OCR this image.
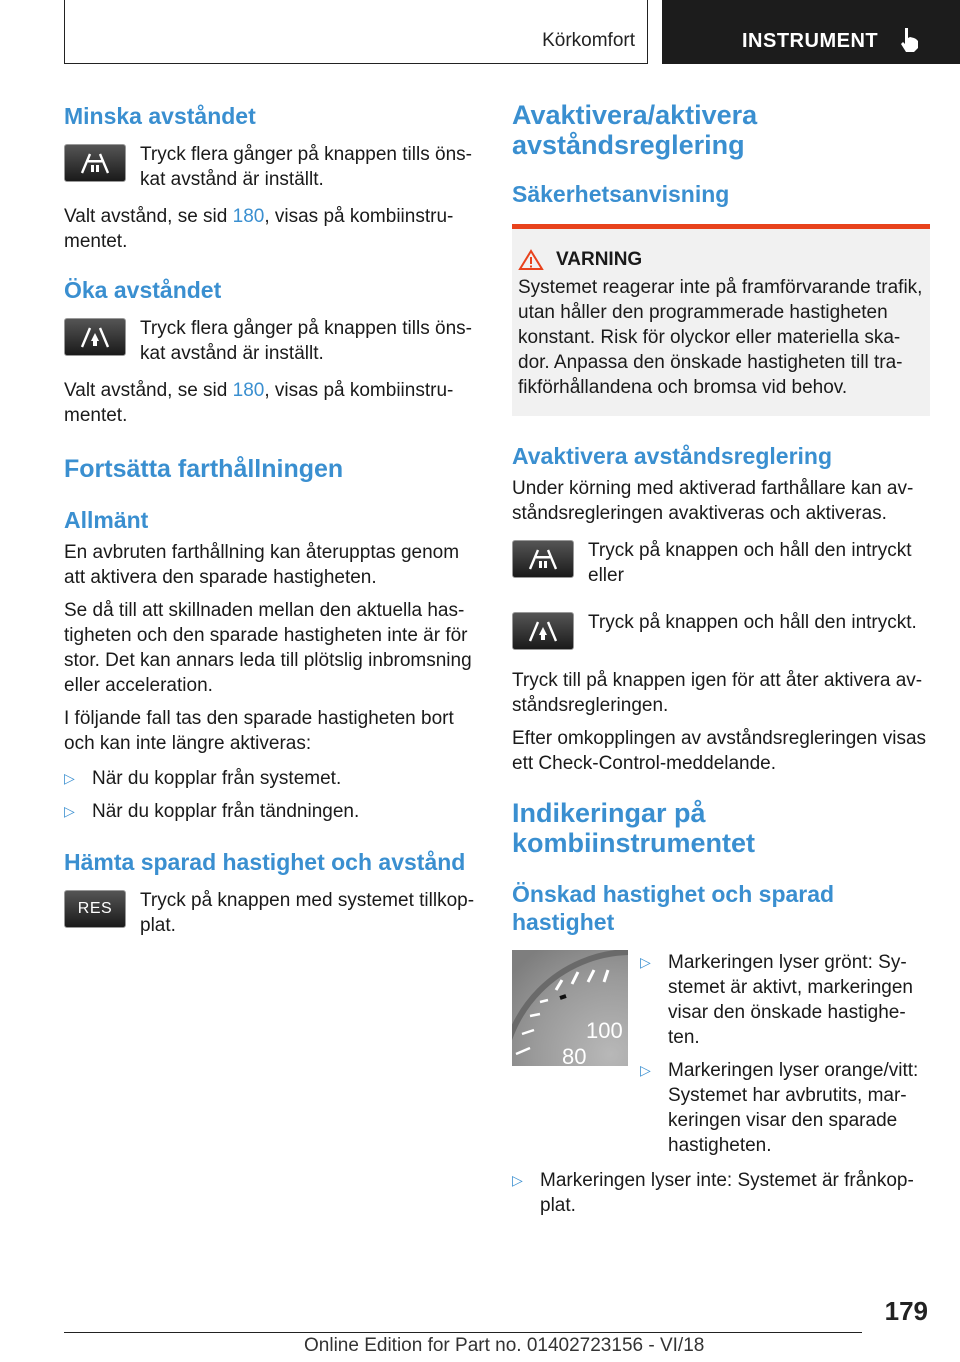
Körkomfort	INSTRUMENT
Minska avståndet

Tryck flera gånger på knappen tills öns-kat avstånd är inställt.

Valt avstånd, se sid 180, visas på kombiinstru-mentet.

Öka avståndet

Tryck flera gånger på knappen tills öns-kat avstånd är inställt.

Valt avstånd, se sid 180, visas på kombiinstru-mentet.

Fortsätta farthållningen
Allmänt

En avbruten farthållning kan återupptas genom att aktivera den sparade hastigheten.

Se då till att skillnaden mellan den aktuella has-tigheten och den sparade hastigheten inte är för stor. Det kan annars leda till plötslig inbromsning eller acceleration.

I följande fall tas den sparade hastigheten bort och kan inte längre aktiveras:

▷ När du kopplar från systemet.

▷ När du kopplar från tändningen.

Hämta sparad hastighet och avstånd
RES Tryck på knappen med systemet tillkop-plat.

Avaktivera/aktivera avståndsreglering
Säkerhetsanvisning
VARNING

Systemet reagerar inte på framförvarande trafik, utan håller den programmerade hastigheten konstant. Risk för olyckor eller materiella ska-dor. Anpassa den önskade hastigheten till tra-fikförhållandena och bromsa vid behov.

Avaktivera avståndsreglering

Under körning med aktiverad farthållare kan av-ståndsregleringen avaktiveras och aktiveras.

Tryck på knappen och håll den intryckt eller

Tryck på knappen och håll den intryckt.

Tryck till på knappen igen för att åter aktivera av-ståndsregleringen.

Efter omkopplingen av avståndsregleringen visas ett Check-Control-meddelande.

Indikeringar på kombiinstrumentet
Önskad hastighet och sparad hastighet
100
80
▷ Markeringen lyser grönt: Sy-stemet är aktivt, markeringen visar den önskade hastighe-ten.

▷ Markeringen lyser orange/vitt: Systemet har avbrutits, mar-keringen visar den sparade hastigheten.

▷ Markeringen lyser inte: Systemet är frånkop-plat.

179
Online Edition for Part no. 01402723156 - VI/18
